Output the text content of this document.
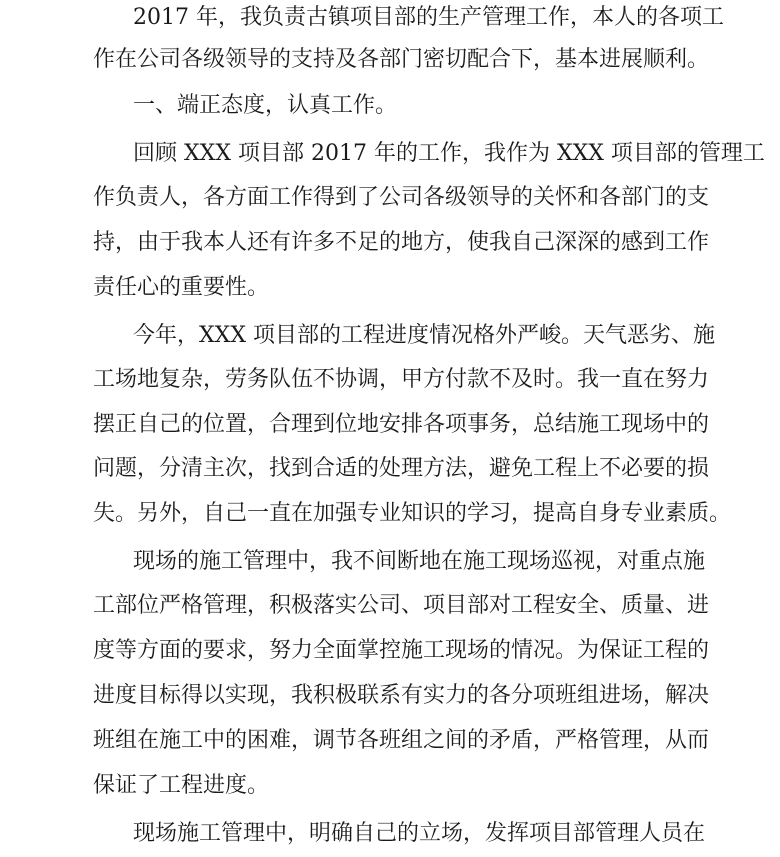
2017 年，我负责古镇项目部的生产管理工作，本人的各项工
作在公司各级领导的支持及各部门密切配合下，基本进展顺利。
一、端正态度，认真工作。
回顾 XXX 项目部 2017 年的工作，我作为 XXX 项目部的管理工
作负责人，各方面工作得到了公司各级领导的关怀和各部门的支
持，由于我本人还有许多不足的地方，使我自己深深的感到工作
责任心的重要性。
今年，XXX 项目部的工程进度情况格外严峻。天气恶劣、施
工场地复杂，劳务队伍不协调，甲方付款不及时。我一直在努力
摆正自己的位置，合理到位地安排各项事务，总结施工现场中的
问题，分清主次，找到合适的处理方法，避免工程上不必要的损
失。另外，自己一直在加强专业知识的学习，提高自身专业素质。
现场的施工管理中，我不间断地在施工现场巡视，对重点施
工部位严格管理，积极落实公司、项目部对工程安全、质量、进
度等方面的要求，努力全面掌控施工现场的情况。为保证工程的
进度目标得以实现，我积极联系有实力的各分项班组进场，解决
班组在施工中的困难，调节各班组之间的矛盾，严格管理，从而
保证了工程进度。
现场施工管理中，明确自己的立场，发挥项目部管理人员在
